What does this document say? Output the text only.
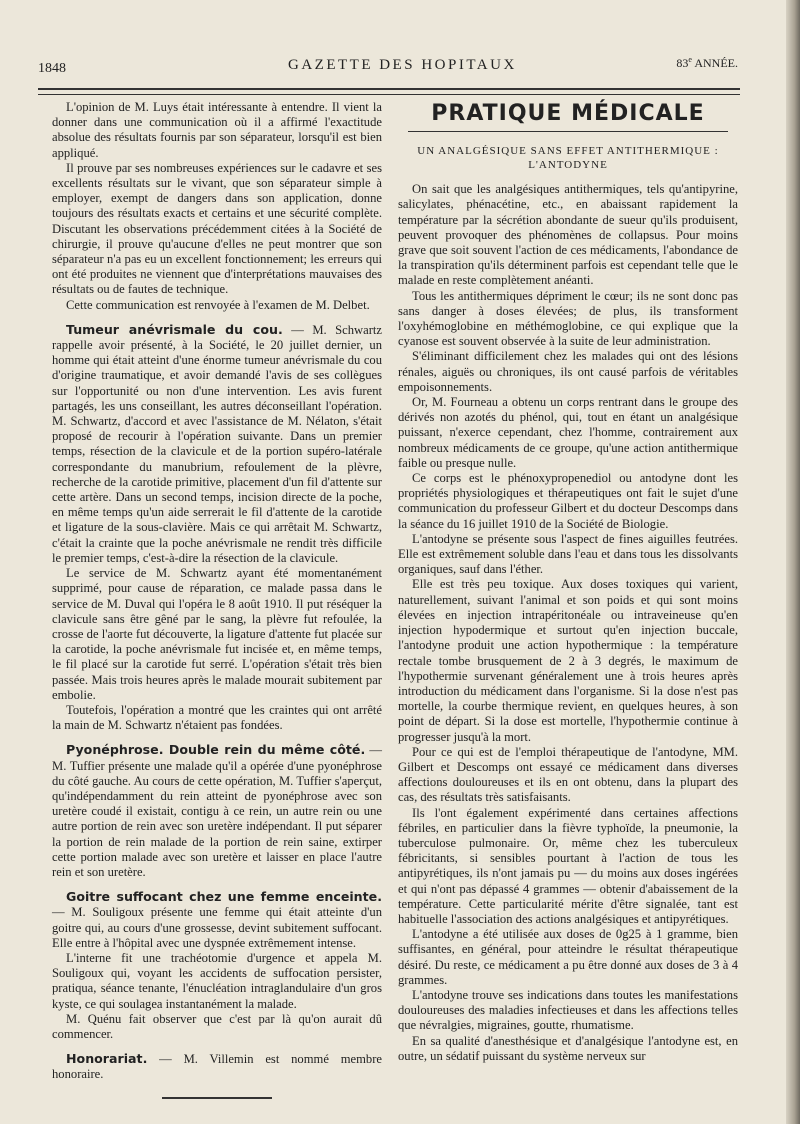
1848	GAZETTE DES HOPITAUX	83e ANNÉE.

L'opinion de M. Luys était intéressante à entendre. Il vient la donner dans une communication où il a affirmé l'exactitude absolue des résultats fournis par son séparateur, lorsqu'il est bien appliqué.

Il prouve par ses nombreuses expériences sur le cadavre et ses excellents résultats sur le vivant, que son séparateur simple à employer, exempt de dangers dans son application, donne toujours des résultats exacts et certains et une sécurité complète. Discutant les observations précédemment citées à la Société de chirurgie, il prouve qu'aucune d'elles ne peut montrer que son séparateur n'a pas eu un excellent fonctionnement; les erreurs qui ont été produites ne viennent que d'interprétations mauvaises des résultats ou de fautes de technique.

Cette communication est renvoyée à l'examen de M. Delbet.

Tumeur anévrismale du cou. — M. Schwartz rappelle avoir présenté, à la Société, le 20 juillet dernier, un homme qui était atteint d'une énorme tumeur anévrismale du cou d'origine traumatique, et avoir demandé l'avis de ses collègues sur l'opportunité ou non d'une intervention. Les avis furent partagés, les uns conseillant, les autres déconseillant l'opération. M. Schwartz, d'accord et avec l'assistance de M. Nélaton, s'était proposé de recourir à l'opération suivante. Dans un premier temps, résection de la clavicule et de la portion supéro-latérale correspondante du manubrium, refoulement de la plèvre, recherche de la carotide primitive, placement d'un fil d'attente sur cette artère. Dans un second temps, incision directe de la poche, en même temps qu'un aide serrerait le fil d'attente de la carotide et ligature de la sous-clavière. Mais ce qui arrêtait M. Schwartz, c'était la crainte que la poche anévrismale ne rendit très difficile le premier temps, c'est-à-dire la résection de la clavicule.

Le service de M. Schwartz ayant été momentanément supprimé, pour cause de réparation, ce malade passa dans le service de M. Duval qui l'opéra le 8 août 1910. Il put réséquer la clavicule sans être gêné par le sang, la plèvre fut refoulée, la crosse de l'aorte fut découverte, la ligature d'attente fut placée sur la carotide, la poche anévrismale fut incisée et, en même temps, le fil placé sur la carotide fut serré. L'opération s'était très bien passée. Mais trois heures après le malade mourait subitement par embolie.

Toutefois, l'opération a montré que les craintes qui ont arrêté la main de M. Schwartz n'étaient pas fondées.

Pyonéphrose. Double rein du même côté. — M. Tuffier présente une malade qu'il a opérée d'une pyonéphrose du côté gauche. Au cours de cette opération, M. Tuffier s'aperçut, qu'indépendamment du rein atteint de pyonéphrose avec son uretère coudé il existait, contigu à ce rein, un autre rein ou une autre portion de rein avec son uretère indépendant. Il put séparer la portion de rein malade de la portion de rein saine, extirper cette portion malade avec son uretère et laisser en place l'autre rein et son uretère.

Goitre suffocant chez une femme enceinte. — M. Souligoux présente une femme qui était atteinte d'un goitre qui, au cours d'une grossesse, devint subitement suffocant. Elle entre à l'hôpital avec une dyspnée extrêmement intense.

L'interne fit une trachéotomie d'urgence et appela M. Souligoux qui, voyant les accidents de suffocation persister, pratiqua, séance tenante, l'énucléation intraglandulaire d'un gros kyste, ce qui soulagea instantanément la malade.

M. Quénu fait observer que c'est par là qu'on aurait dû commencer.

Honorariat. — M. Villemin est nommé membre honoraire.

PRATIQUE MÉDICALE
UN ANALGÉSIQUE SANS EFFET ANTITHERMIQUE :
L'ANTODYNE

On sait que les analgésiques antithermiques, tels qu'antipyrine, salicylates, phénacétine, etc., en abaissant rapidement la température par la sécrétion abondante de sueur qu'ils produisent, peuvent provoquer des phénomènes de collapsus. Pour moins grave que soit souvent l'action de ces médicaments, l'abondance de la transpiration qu'ils déterminent parfois est cependant telle que le malade en reste complètement anéanti.

Tous les antithermiques dépriment le cœur; ils ne sont donc pas sans danger à doses élevées; de plus, ils transforment l'oxyhémoglobine en méthémoglobine, ce qui explique que la cyanose est souvent observée à la suite de leur administration.

S'éliminant difficilement chez les malades qui ont des lésions rénales, aiguës ou chroniques, ils ont causé parfois de véritables empoisonnements.

Or, M. Fourneau a obtenu un corps rentrant dans le groupe des dérivés non azotés du phénol, qui, tout en étant un analgésique puissant, n'exerce cependant, chez l'homme, contrairement aux nombreux médicaments de ce groupe, qu'une action antithermique faible ou presque nulle.

Ce corps est le phénoxypropenediol ou antodyne dont les propriétés physiologiques et thérapeutiques ont fait le sujet d'une communication du professeur Gilbert et du docteur Descomps dans la séance du 16 juillet 1910 de la Société de Biologie.

L'antodyne se présente sous l'aspect de fines aiguilles feutrées. Elle est extrêmement soluble dans l'eau et dans tous les dissolvants organiques, sauf dans l'éther.

Elle est très peu toxique. Aux doses toxiques qui varient, naturellement, suivant l'animal et son poids et qui sont moins élevées en injection intrapéritonéale ou intraveineuse qu'en injection hypodermique et surtout qu'en injection buccale, l'antodyne produit une action hypothermique : la température rectale tombe brusquement de 2 à 3 degrés, le maximum de l'hypothermie survenant généralement une à trois heures après introduction du médicament dans l'organisme. Si la dose n'est pas mortelle, la courbe thermique revient, en quelques heures, à son point de départ. Si la dose est mortelle, l'hypothermie continue à progresser jusqu'à la mort.

Pour ce qui est de l'emploi thérapeutique de l'antodyne, MM. Gilbert et Descomps ont essayé ce médicament dans diverses affections douloureuses et ils en ont obtenu, dans la plupart des cas, des résultats très satisfaisants.

Ils l'ont également expérimenté dans certaines affections fébriles, en particulier dans la fièvre typhoïde, la pneumonie, la tuberculose pulmonaire. Or, même chez les tuberculeux fébricitants, si sensibles pourtant à l'action de tous les antipyrétiques, ils n'ont jamais pu — du moins aux doses ingérées et qui n'ont pas dépassé 4 grammes — obtenir d'abaissement de la température. Cette particularité mérite d'être signalée, tant est habituelle l'association des actions analgésiques et antipyrétiques.

L'antodyne a été utilisée aux doses de 0g25 à 1 gramme, bien suffisantes, en général, pour atteindre le résultat thérapeutique désiré. Du reste, ce médicament a pu être donné aux doses de 3 à 4 grammes.

L'antodyne trouve ses indications dans toutes les manifestations douloureuses des maladies infectieuses et dans les affections telles que névralgies, migraines, goutte, rhumatisme.

En sa qualité d'anesthésique et d'analgésique l'antodyne est, en outre, un sédatif puissant du système nerveux sur
